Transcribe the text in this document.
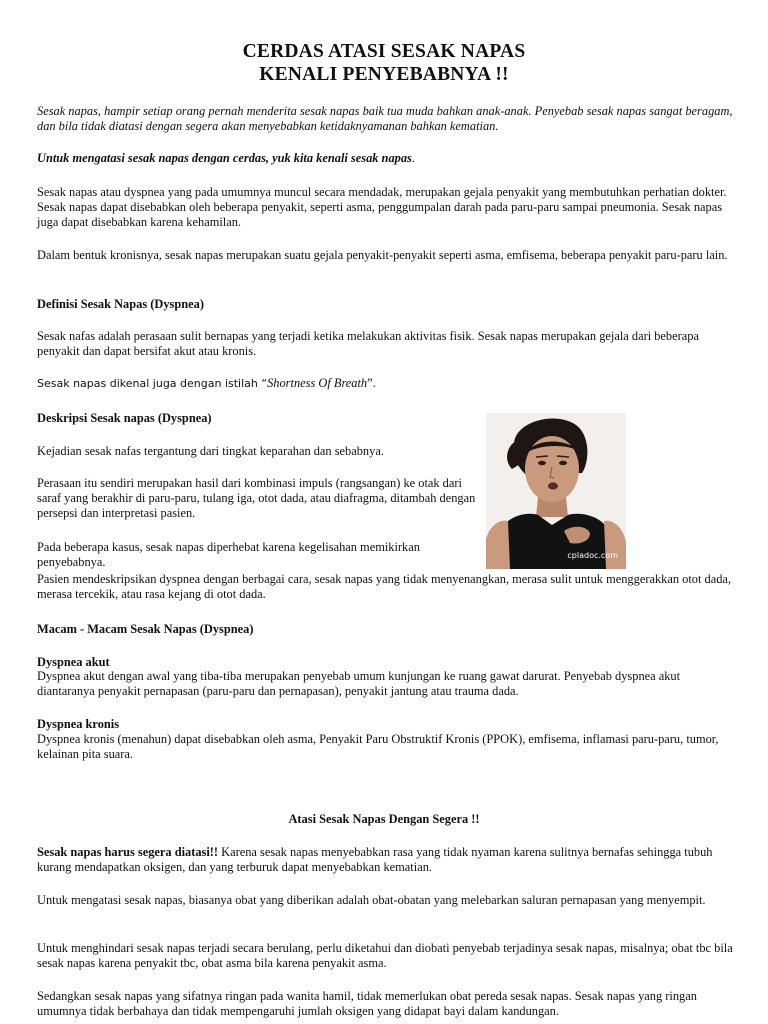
CERDAS ATASI SESAK NAPAS
KENALI PENYEBABNYA !!

Sesak napas, hampir setiap orang pernah menderita sesak napas baik tua muda bahkan anak-anak. Penyebab sesak napas sangat beragam, dan bila tidak diatasi dengan segera akan menyebabkan ketidaknyamanan bahkan kematian.

Untuk mengatasi sesak napas dengan cerdas, yuk kita kenali sesak napas.

Sesak napas atau dyspnea yang pada umumnya muncul secara mendadak, merupakan gejala penyakit yang membutuhkan perhatian dokter. Sesak napas dapat disebabkan oleh beberapa penyakit, seperti asma, penggumpalan darah pada paru-paru sampai pneumonia. Sesak napas juga dapat disebabkan karena kehamilan.

Dalam bentuk kronisnya, sesak napas merupakan suatu gejala penyakit-penyakit seperti asma, emfisema, beberapa penyakit paru-paru lain.

Definisi Sesak Napas (Dyspnea)

Sesak nafas adalah perasaan sulit bernapas yang terjadi ketika melakukan aktivitas fisik. Sesak napas merupakan gejala dari beberapa penyakit dan dapat bersifat akut atau kronis.

Sesak napas dikenal juga dengan istilah “Shortness Of Breath”.

Deskripsi Sesak napas (Dyspnea)

Kejadian sesak nafas tergantung dari tingkat keparahan dan sebabnya.

Perasaan itu sendiri merupakan hasil dari kombinasi impuls (rangsangan) ke otak dari saraf yang berakhir di paru-paru, tulang iga, otot dada, atau diafragma, ditambah dengan persepsi dan interpretasi pasien.

Pada beberapa kasus, sesak napas diperhebat karena kegelisahan memikirkan penyebabnya.

Pasien mendeskripsikan dyspnea dengan berbagai cara, sesak napas yang tidak menyenangkan, merasa sulit untuk menggerakkan otot dada, merasa tercekik, atau rasa kejang di otot dada.

cpladoc.com

Macam - Macam Sesak Napas (Dyspnea)

Dyspnea akut

Dyspnea akut dengan awal yang tiba-tiba merupakan penyebab umum kunjungan ke ruang gawat darurat. Penyebab dyspnea akut diantaranya penyakit pernapasan (paru-paru dan pernapasan), penyakit jantung atau trauma dada.

Dyspnea kronis

Dyspnea kronis (menahun) dapat disebabkan oleh asma, Penyakit Paru Obstruktif Kronis (PPOK), emfisema, inflamasi paru-paru, tumor, kelainan pita suara.

Atasi Sesak Napas Dengan Segera !!

Sesak napas harus segera diatasi!! Karena sesak napas menyebabkan rasa yang tidak nyaman karena sulitnya bernafas sehingga tubuh kurang mendapatkan oksigen, dan yang terburuk dapat menyebabkan kematian.

Untuk mengatasi sesak napas, biasanya obat yang diberikan adalah obat-obatan yang melebarkan saluran pernapasan yang menyempit.

Untuk menghindari sesak napas terjadi secara berulang, perlu diketahui dan diobati penyebab terjadinya sesak napas, misalnya; obat tbc bila sesak napas karena penyakit tbc, obat asma bila karena penyakit asma.

Sedangkan sesak napas yang sifatnya ringan pada wanita hamil, tidak memerlukan obat pereda sesak napas. Sesak napas yang ringan umumnya tidak berbahaya dan tidak mempengaruhi jumlah oksigen yang didapat bayi dalam kandungan.
